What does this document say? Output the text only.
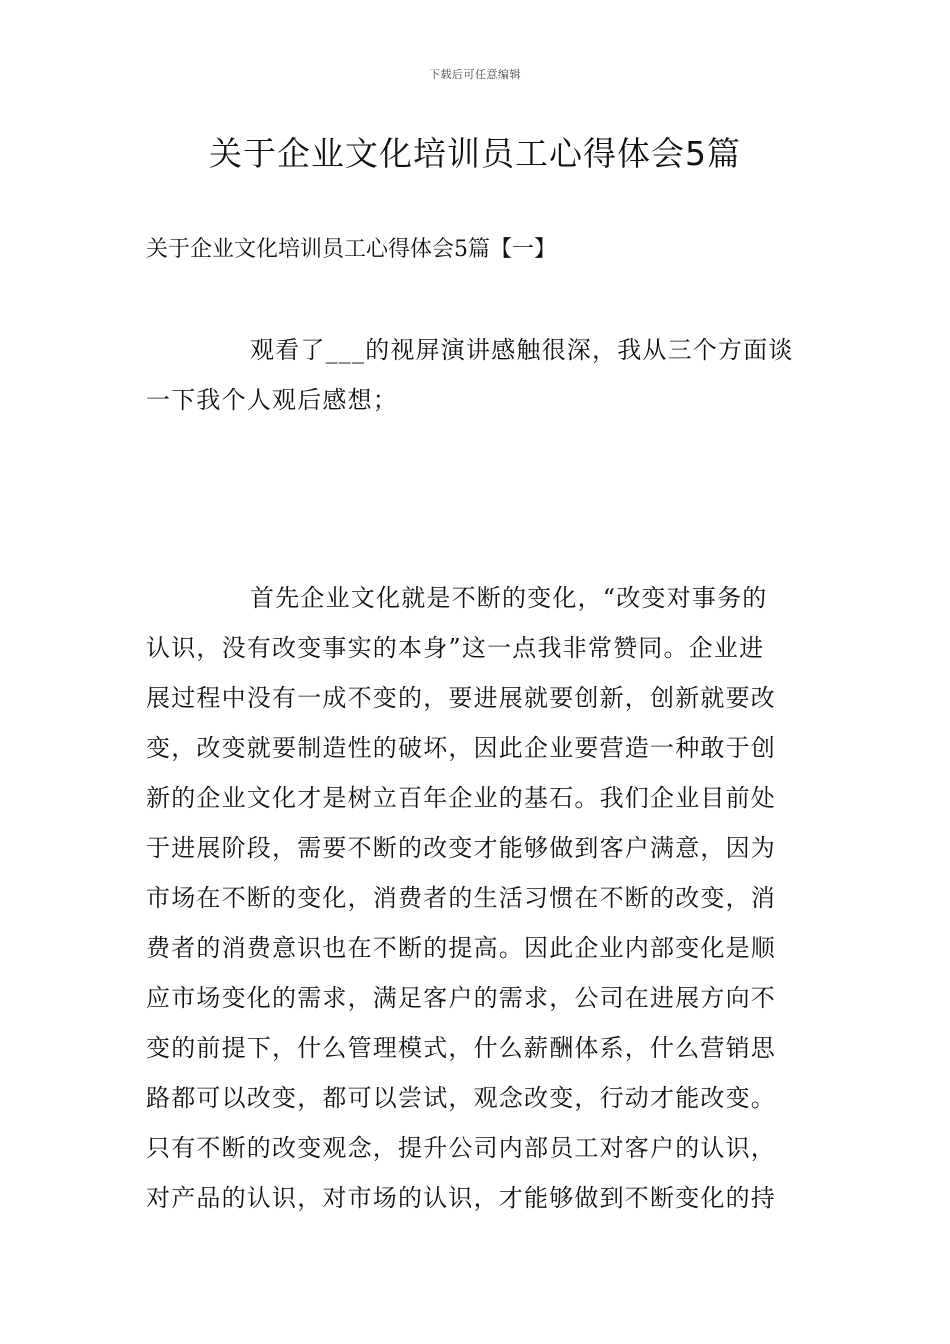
下载后可任意编辑
关于企业文化培训员工心得体会5篇
关于企业文化培训员工心得体会5篇【一】
观看了___的视屏演讲感触很深，我从三个方面谈
一下我个人观后感想；
首先企业文化就是不断的变化，“改变对事务的
认识，没有改变事实的本身”这一点我非常赞同。企业进
展过程中没有一成不变的，要进展就要创新，创新就要改
变，改变就要制造性的破坏，因此企业要营造一种敢于创
新的企业文化才是树立百年企业的基石。我们企业目前处
于进展阶段，需要不断的改变才能够做到客户满意，因为
市场在不断的变化，消费者的生活习惯在不断的改变，消
费者的消费意识也在不断的提高。因此企业内部变化是顺
应市场变化的需求，满足客户的需求，公司在进展方向不
变的前提下，什么管理模式，什么薪酬体系，什么营销思
路都可以改变，都可以尝试，观念改变，行动才能改变。
只有不断的改变观念，提升公司内部员工对客户的认识，
对产品的认识，对市场的认识，才能够做到不断变化的持
